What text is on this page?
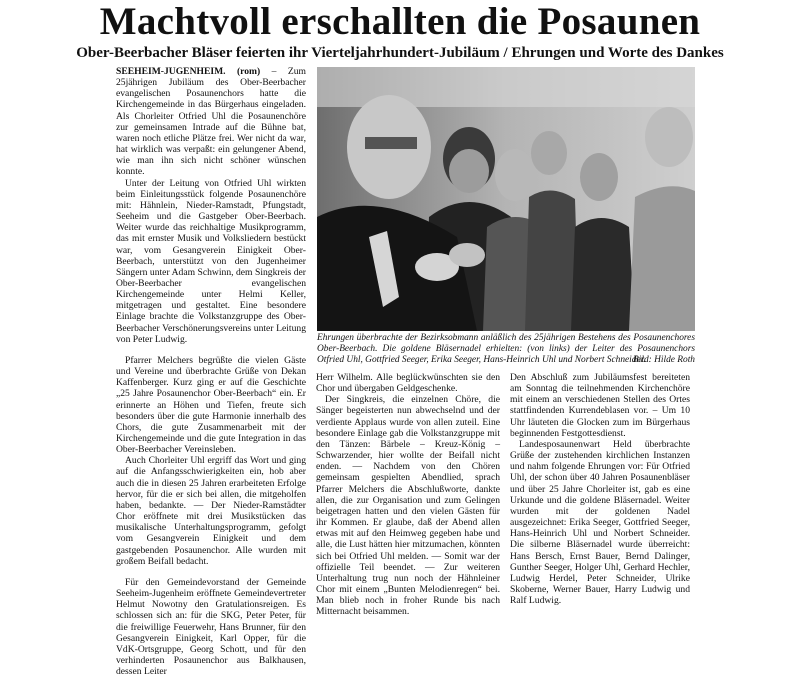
Machtvoll erschallten die Posaunen
Ober-Beerbacher Bläser feierten ihr Vierteljahrhundert-Jubiläum / Ehrungen und Worte des Dankes

SEEHEIM-JUGENHEIM. (rom) – Zum 25jährigen Jubiläum des Ober-Beerbacher evangelischen Posaunenchors hatte die Kirchengemeinde in das Bürgerhaus eingeladen. Als Chorleiter Otfried Uhl die Posaunenchöre zur gemeinsamen Intrade auf die Bühne bat, waren noch etliche Plätze frei. Wer nicht da war, hat wirklich was verpaßt: ein gelungener Abend, wie man ihn sich nicht schöner wünschen konnte.

Unter der Leitung von Otfried Uhl wirkten beim Einleitungsstück folgende Posaunenchöre mit: Hähnlein, Nieder-Ramstadt, Pfungstadt, Seeheim und die Gastgeber Ober-Beerbach. Weiter wurde das reichhaltige Musikprogramm, das mit ernster Musik und Volksliedern bestückt war, vom Gesangverein Einigkeit Ober-Beerbach, unterstützt von den Jugenheimer Sängern unter Adam Schwinn, dem Singkreis der Ober-Beerbacher evangelischen Kirchengemeinde unter Helmi Keller, mitgetragen und gestaltet. Eine besondere Einlage brachte die Volkstanzgruppe des Ober-Beerbacher Verschönerungsvereins unter Leitung von Peter Ludwig.

Pfarrer Melchers begrüßte die vielen Gäste und Vereine und überbrachte Grüße von Dekan Kaffenberger. Kurz ging er auf die Geschichte „25 Jahre Posaunenchor Ober-Beerbach“ ein. Er erinnerte an Höhen und Tiefen, freute sich besonders über die gute Harmonie innerhalb des Chors, die gute Zusammenarbeit mit der Kirchengemeinde und die gute Integration in das Ober-Beerbacher Vereinsleben.

Auch Chorleiter Uhl ergriff das Wort und ging auf die Anfangsschwierigkeiten ein, hob aber auch die in diesen 25 Jahren erarbeiteten Erfolge hervor, für die er sich bei allen, die mitgeholfen haben, bedankte. — Der Nieder-Ramstädter Chor eröffnete mit drei Musikstücken das musikalische Unterhaltungsprogramm, gefolgt vom Gesangverein Einigkeit und dem gastgebenden Posaunenchor. Alle wurden mit großem Beifall bedacht.

Für den Gemeindevorstand der Gemeinde Seeheim-Jugenheim eröffnete Gemeindevertreter Helmut Nowotny den Gratulationsreigen. Es schlossen sich an: für die SKG, Peter Peter, für die freiwillige Feuerwehr, Hans Brunner, für den Gesangverein Einigkeit, Karl Opper, für die VdK-Ortsgruppe, Georg Schott, und für den verhinderten Posaunenchor aus Balkhausen, dessen Leiter

Ehrungen überbrachte der Bezirksobmann anläßlich des 25jährigen Bestehens des Posaunenchores Ober-Beerbach. Die goldene Bläsernadel erhielten: (von links) der Leiter des Posaunenchors Otfried Uhl, Gottfried Seeger, Erika Seeger, Hans-Heinrich Uhl und Norbert Schneider.
Bild: Hilde Roth

Herr Wilhelm. Alle beglückwünschten sie den Chor und übergaben Geldgeschenke.

Der Singkreis, die einzelnen Chöre, die Sänger begeisterten nun abwechselnd und der verdiente Applaus wurde von allen zuteil. Eine besondere Einlage gab die Volkstanzgruppe mit den Tänzen: Bärbele – Kreuz-König – Schwarzender, hier wollte der Beifall nicht enden. — Nachdem von den Chören gemeinsam gespielten Abendlied, sprach Pfarrer Melchers die Abschlußworte, dankte allen, die zur Organisation und zum Gelingen beigetragen hatten und den vielen Gästen für ihr Kommen. Er glaube, daß der Abend allen etwas mit auf den Heimweg gegeben habe und alle, die Lust hätten hier mitzumachen, könnten sich bei Otfried Uhl melden. — Somit war der offizielle Teil beendet. — Zur weiteren Unterhaltung trug nun noch der Hähnleiner Chor mit einem „Bunten Melodienregen“ bei. Man blieb noch in froher Runde bis nach Mitternacht beisammen.

Den Abschluß zum Jubiläumsfest bereiteten am Sonntag die teilnehmenden Kirchenchöre mit einem an verschiedenen Stellen des Ortes stattfindenden Kurrendeblasen vor. – Um 10 Uhr läuteten die Glocken zum im Bürgerhaus beginnenden Festgottesdienst.

Landesposaunenwart Held überbrachte Grüße der zustehenden kirchlichen Instanzen und nahm folgende Ehrungen vor: Für Otfried Uhl, der schon über 40 Jahren Posaunenbläser und über 25 Jahre Chorleiter ist, gab es eine Urkunde und die goldene Bläsernadel. Weiter wurden mit der goldenen Nadel ausgezeichnet: Erika Seeger, Gottfried Seeger, Hans-Heinrich Uhl und Norbert Schneider. Die silberne Bläsernadel wurde überreicht: Hans Bersch, Ernst Bauer, Bernd Dalinger, Gunther Seeger, Holger Uhl, Gerhard Hechler, Ludwig Herdel, Peter Schneider, Ulrike Skoberne, Werner Bauer, Harry Ludwig und Ralf Ludwig.
